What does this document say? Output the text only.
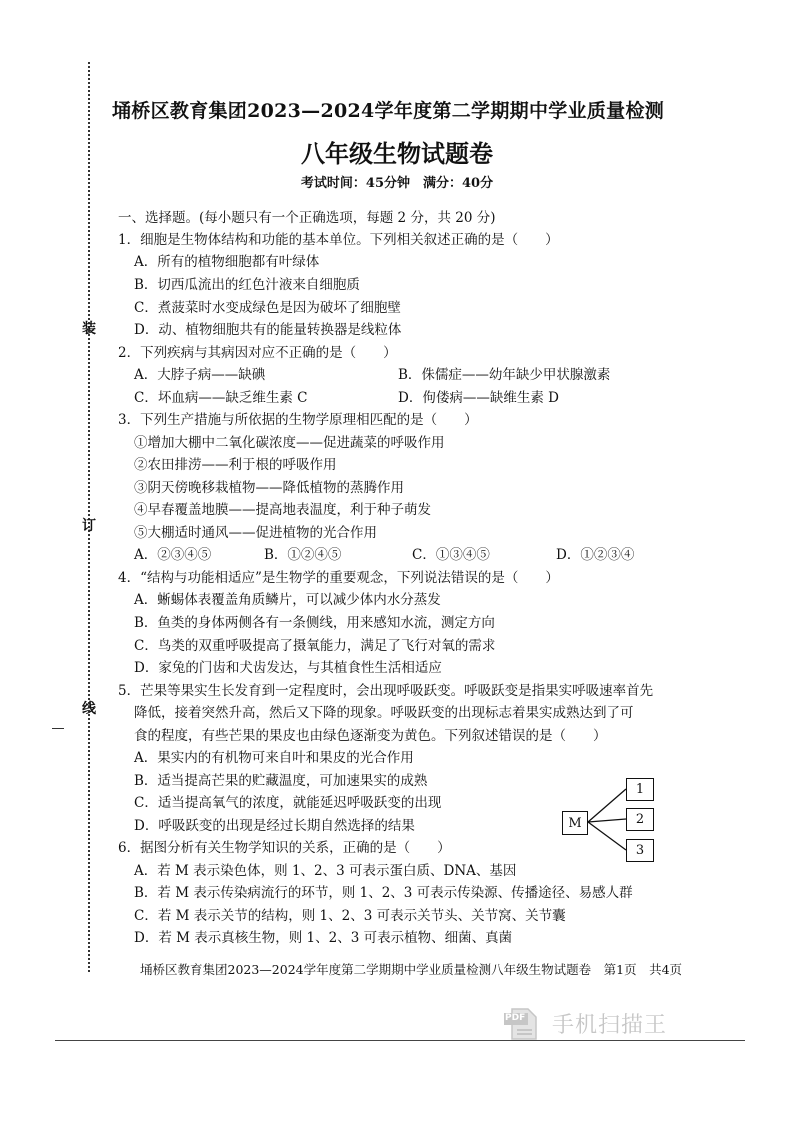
装
订
线
埇桥区教育集团2023—2024学年度第二学期期中学业质量检测
八年级生物试题卷
考试时间：45分钟　满分：40分
一、选择题。(每小题只有一个正确选项，每题 2 分，共 20 分)
1．细胞是生物体结构和功能的基本单位。下列相关叙述正确的是（　　）
A．所有的植物细胞都有叶绿体
B．切西瓜流出的红色汁液来自细胞质
C．煮菠菜时水变成绿色是因为破坏了细胞壁
D．动、植物细胞共有的能量转换器是线粒体
2．下列疾病与其病因对应不正确的是（　　）
A．大脖子病——缺碘	B．侏儒症——幼年缺少甲状腺激素
C．坏血病——缺乏维生素 C	D．佝偻病——缺维生素 D
3．下列生产措施与所依据的生物学原理相匹配的是（　　）
①增加大棚中二氧化碳浓度——促进蔬菜的呼吸作用
②农田排涝——利于根的呼吸作用
③阴天傍晚移栽植物——降低植物的蒸腾作用
④早春覆盖地膜——提高地表温度，利于种子萌发
⑤大棚适时通风——促进植物的光合作用
A．②③④⑤	B．①②④⑤	C．①③④⑤	D．①②③④
4．“结构与功能相适应”是生物学的重要观念，下列说法错误的是（　　）
A．蜥蜴体表覆盖角质鳞片，可以减少体内水分蒸发
B．鱼类的身体两侧各有一条侧线，用来感知水流，测定方向
C．鸟类的双重呼吸提高了摄氧能力，满足了飞行对氧的需求
D．家兔的门齿和犬齿发达，与其植食性生活相适应
5．芒果等果实生长发育到一定程度时，会出现呼吸跃变。呼吸跃变是指果实呼吸速率首先
降低，接着突然升高，然后又下降的现象。呼吸跃变的出现标志着果实成熟达到了可
食的程度，有些芒果的果皮也由绿色逐渐变为黄色。下列叙述错误的是（　　）
A．果实内的有机物可来自叶和果皮的光合作用
B．适当提高芒果的贮藏温度，可加速果实的成熟
C．适当提高氧气的浓度，就能延迟呼吸跃变的出现
D．呼吸跃变的出现是经过长期自然选择的结果	M
1
2
3
6．据图分析有关生物学知识的关系，正确的是（　　）
A．若 M 表示染色体，则 1、2、3 可表示蛋白质、DNA、基因
B．若 M 表示传染病流行的环节，则 1、2、3 可表示传染源、传播途径、易感人群
C．若 M 表示关节的结构，则 1、2、3 可表示关节头、关节窝、关节囊
D．若 M 表示真核生物，则 1、2、3 可表示植物、细菌、真菌
埇桥区教育集团2023—2024学年度第二学期期中学业质量检测八年级生物试题卷　第1页　共4页
PDF 手机扫描王
